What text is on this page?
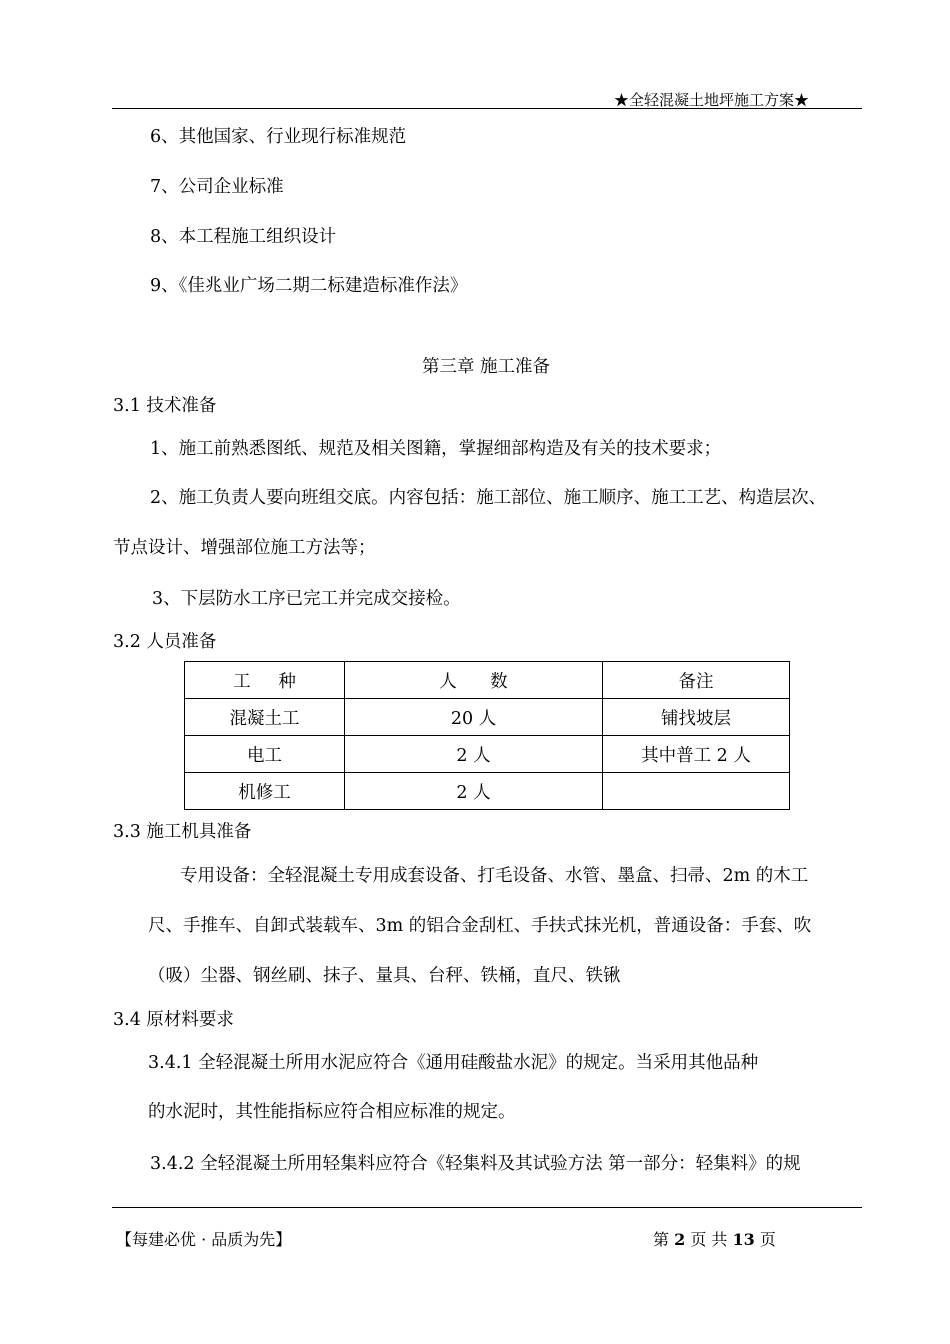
★全轻混凝土地坪施工方案★
6、其他国家、行业现行标准规范
7、公司企业标准
8、本工程施工组织设计
9、《佳兆业广场二期二标建造标准作法》
第三章 施工准备
3.1 技术准备
1、施工前熟悉图纸、规范及相关图籍，掌握细部构造及有关的技术要求；
2、施工负责人要向班组交底。内容包括：施工部位、施工顺序、施工工艺、构造层次、
节点设计、增强部位施工方法等；
3、下层防水工序已完工并完成交接检。
3.2 人员准备
工     种	人      数	备注
混凝土工	20 人	铺找坡层
电工	2 人	其中普工 2 人
机修工	2 人	
3.3 施工机具准备
专用设备：全轻混凝土专用成套设备、打毛设备、水管、墨盒、扫帚、2m 的木工
尺、手推车、自卸式装载车、3m 的铝合金刮杠、手扶式抹光机，普通设备：手套、吹
（吸）尘器、钢丝刷、抹子、量具、台秤、铁桶，直尺、铁锹
3.4 原材料要求
3.4.1 全轻混凝土所用水泥应符合《通用硅酸盐水泥》的规定。当采用其他品种
的水泥时，其性能指标应符合相应标准的规定。
3.4.2 全轻混凝土所用轻集料应符合《轻集料及其试验方法 第一部分：轻集料》的规
【每建必优 · 品质为先】	第 2 页 共 13 页
